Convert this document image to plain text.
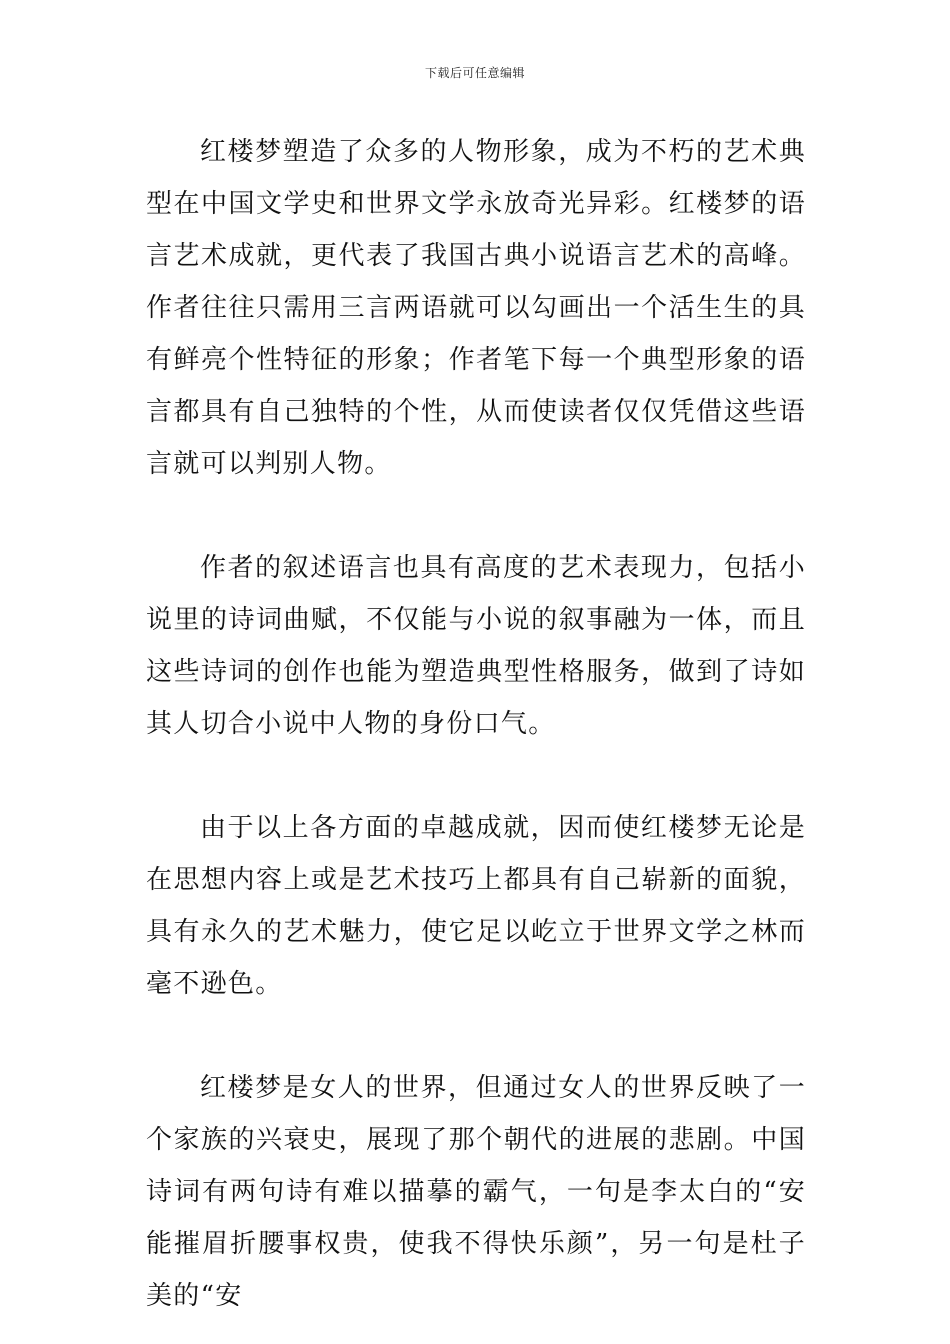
下载后可任意编辑

红楼梦塑造了众多的人物形象，成为不朽的艺术典型在中国文学史和世界文学永放奇光异彩。红楼梦的语言艺术成就，更代表了我国古典小说语言艺术的高峰。作者往往只需用三言两语就可以勾画出一个活生生的具有鲜亮个性特征的形象；作者笔下每一个典型形象的语言都具有自己独特的个性，从而使读者仅仅凭借这些语言就可以判别人物。

作者的叙述语言也具有高度的艺术表现力，包括小说里的诗词曲赋，不仅能与小说的叙事融为一体，而且这些诗词的创作也能为塑造典型性格服务，做到了诗如其人切合小说中人物的身份口气。

由于以上各方面的卓越成就，因而使红楼梦无论是在思想内容上或是艺术技巧上都具有自己崭新的面貌，具有永久的艺术魅力，使它足以屹立于世界文学之林而毫不逊色。

红楼梦是女人的世界，但通过女人的世界反映了一个家族的兴衰史，展现了那个朝代的进展的悲剧。中国诗词有两句诗有难以描摹的霸气，一句是李太白的“安能摧眉折腰事权贵，使我不得快乐颜”，另一句是杜子美的“安
